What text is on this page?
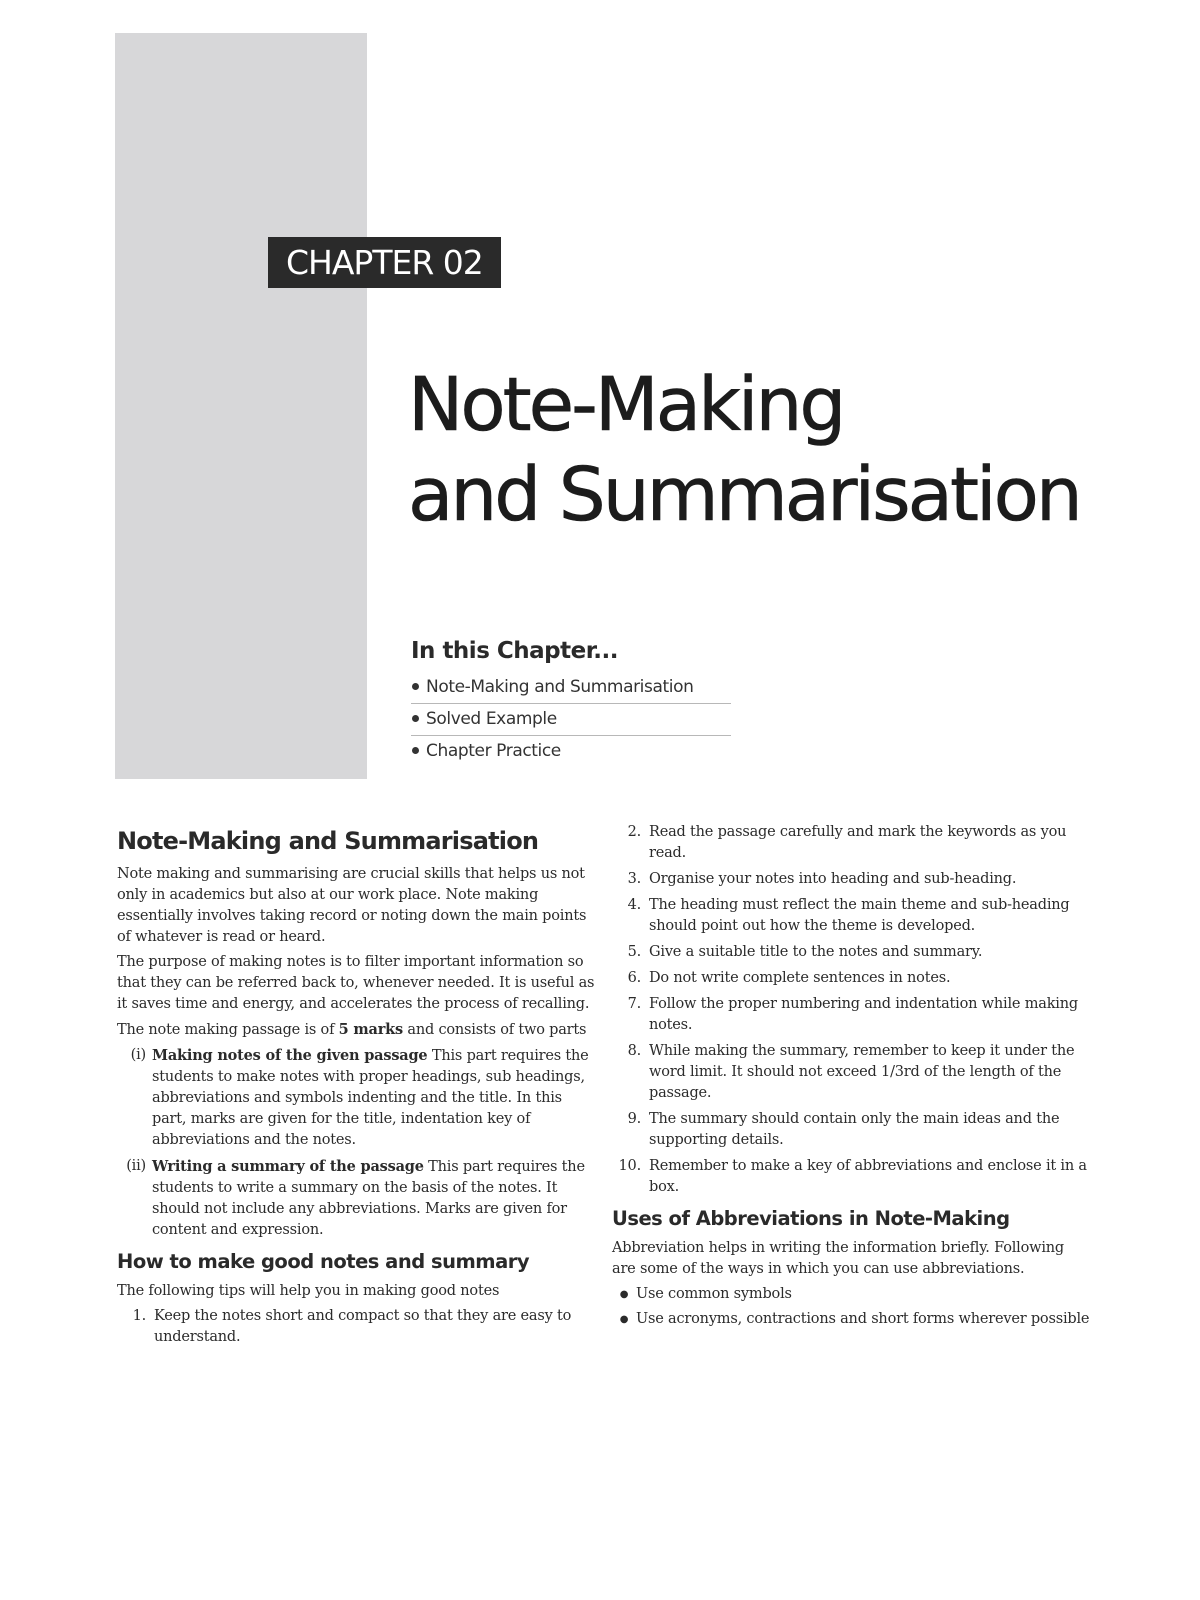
CHAPTER 02
Note-Making
and Summarisation
In this Chapter...
Note-Making and Summarisation
Solved Example
Chapter Practice
Note-Making and Summarisation

Note making and summarising are crucial skills that helps us not only in academics but also at our work place. Note making essentially involves taking record or noting down the main points of whatever is read or heard.

The purpose of making notes is to filter important information so that they can be referred back to, whenever needed. It is useful as it saves time and energy, and accelerates the process of recalling.

The note making passage is of 5 marks and consists of two parts

(i) Making notes of the given passage This part requires the students to make notes with proper headings, sub headings, abbreviations and symbols indenting and the title. In this part, marks are given for the title, indentation key of abbreviations and the notes.
(ii) Writing a summary of the passage This part requires the students to write a summary on the basis of the notes. It should not include any abbreviations. Marks are given for content and expression.
How to make good notes and summary

The following tips will help you in making good notes

1. Keep the notes short and compact so that they are easy to understand.
2. Read the passage carefully and mark the keywords as you read.
3. Organise your notes into heading and sub-heading.
4. The heading must reflect the main theme and sub-heading should point out how the theme is developed.
5. Give a suitable title to the notes and summary.
6. Do not write complete sentences in notes.
7. Follow the proper numbering and indentation while making notes.
8. While making the summary, remember to keep it under the word limit. It should not exceed 1/3rd of the length of the passage.
9. The summary should contain only the main ideas and the supporting details.
10. Remember to make a key of abbreviations and enclose it in a box.
Uses of Abbreviations in Note-Making

Abbreviation helps in writing the information briefly. Following are some of the ways in which you can use abbreviations.

● Use common symbols
● Use acronyms, contractions and short forms wherever possible
